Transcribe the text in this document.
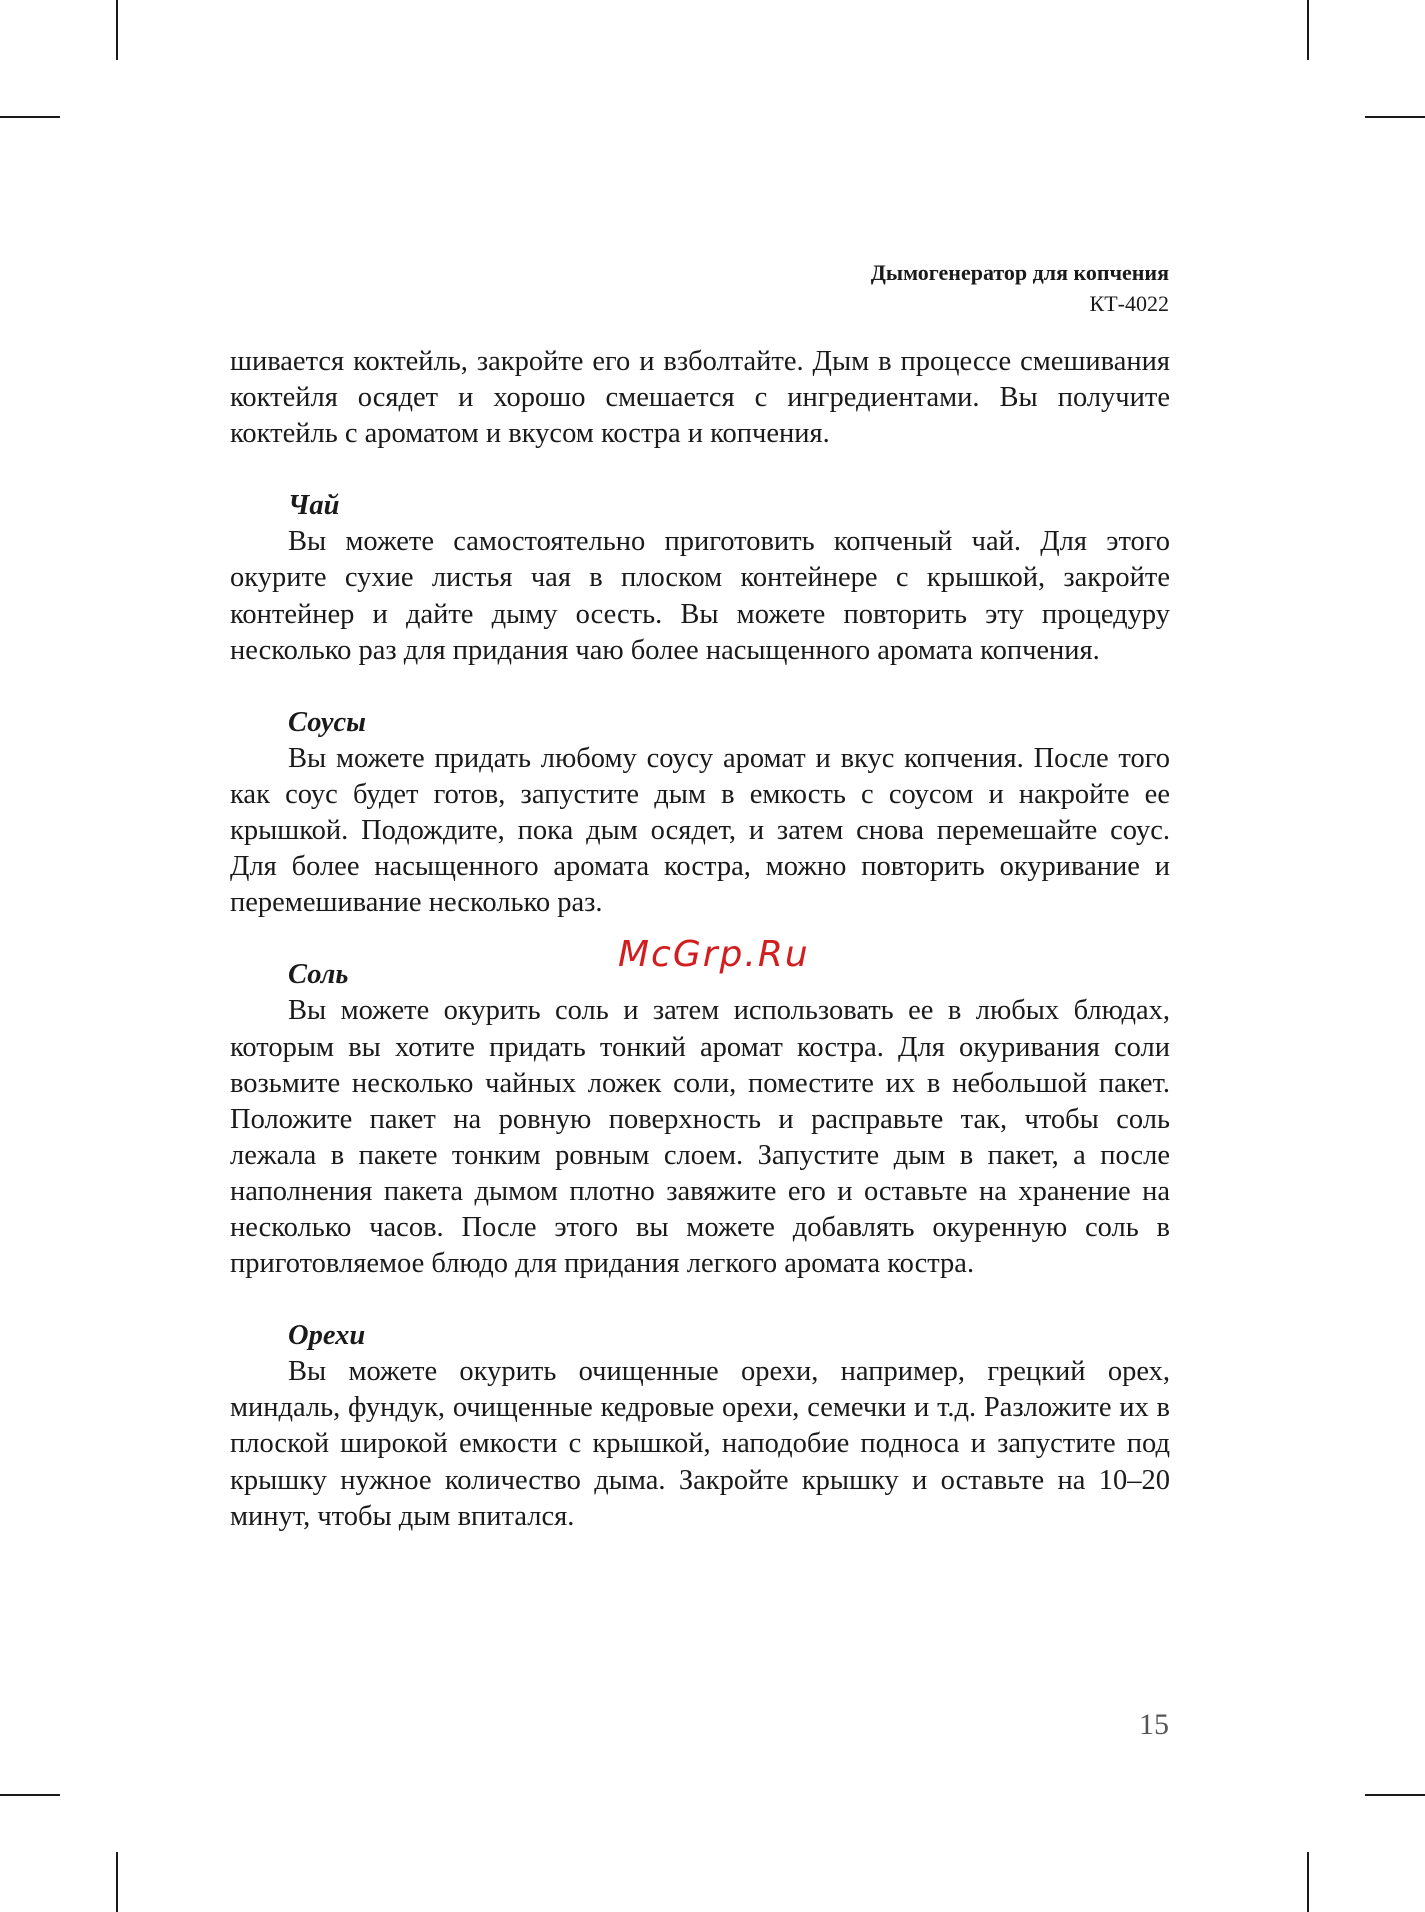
Дымогенератор для копчения
КТ-4022

шивается коктейль, закройте его и взболтайте. Дым в процессе смешивания коктейля осядет и хорошо смешается с ингредиентами. Вы получите коктейль с ароматом и вкусом костра и копчения.

Чай

Вы можете самостоятельно приготовить копченый чай. Для этого окурите сухие листья чая в плоском контейнере с крышкой, закройте контейнер и дайте дыму осесть. Вы можете повторить эту процедуру несколько раз для придания чаю более насыщенного аромата копчения.

Соусы

Вы можете придать любому соусу аромат и вкус копчения. После того как соус будет готов, запустите дым в емкость с соусом и накройте ее крышкой. Подождите, пока дым осядет, и затем снова перемешайте соус. Для более насыщенного аромата костра, можно повторить окуривание и перемешивание несколько раз.

Соль

Вы можете окурить соль и затем использовать ее в любых блюдах, которым вы хотите придать тонкий аромат костра. Для окуривания соли возьмите несколько чайных ложек соли, поместите их в небольшой пакет. Положите пакет на ровную поверхность и расправьте так, чтобы соль лежала в пакете тонким ровным слоем. Запустите дым в пакет, а после наполнения пакета дымом плотно завяжите его и оставьте на хранение на несколько часов. После этого вы можете добавлять окуренную соль в приготовляемое блюдо для придания легкого аромата костра.

Орехи

Вы можете окурить очищенные орехи, например, грецкий орех, миндаль, фундук, очищенные кедровые орехи, семечки и т.д. Разложите их в плоской широкой емкости с крышкой, наподобие подноса и запустите под крышку нужное количество дыма. Закройте крышку и оставьте на 10–20 минут, чтобы дым впитался.

McGrp.Ru
15
